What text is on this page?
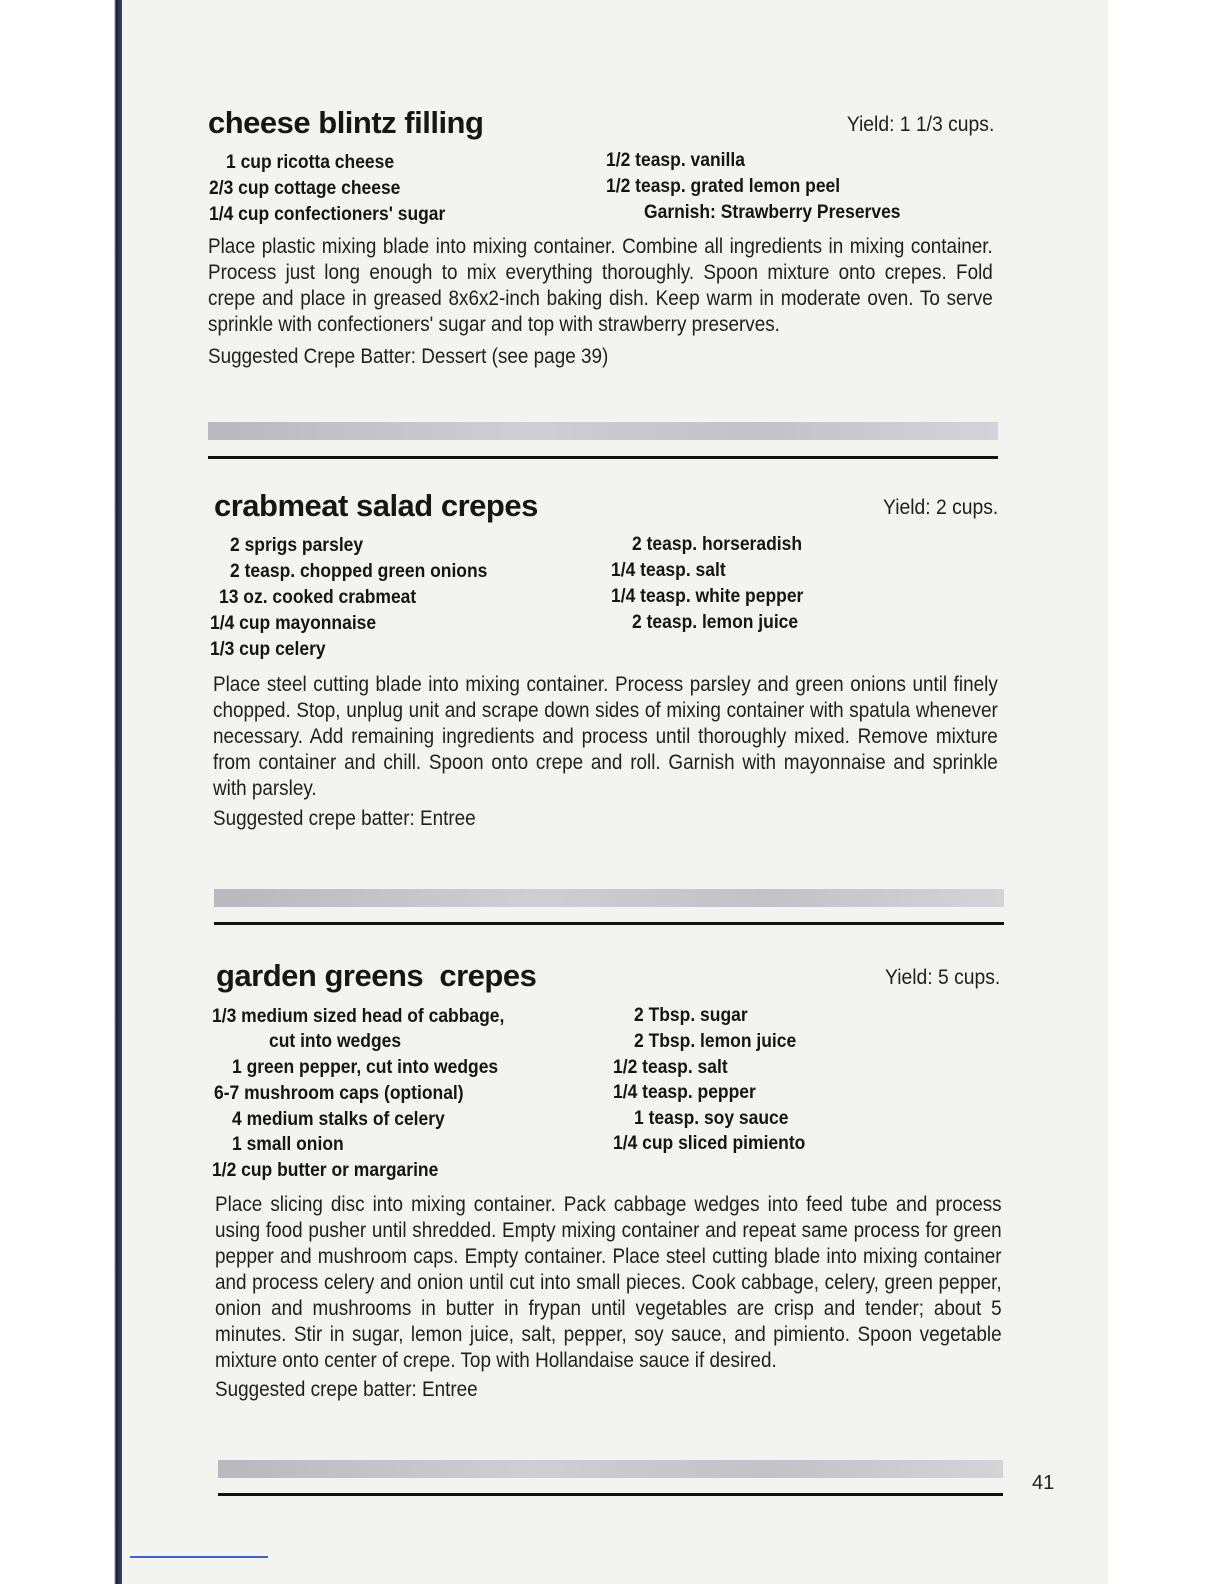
cheese blintz filling	Yield: 1 1/3 cups.
1 cup ricotta cheese
2/3 cup cottage cheese
1/4 cup confectioners' sugar
1/2 teasp. vanilla
1/2 teasp. grated lemon peel
Garnish: Strawberry Preserves
Place plastic mixing blade into mixing container. Combine all ingredients in mixing container. Process just long enough to mix everything thoroughly. Spoon mixture onto crepes. Fold crepe and place in greased 8x6x2-inch baking dish. Keep warm in moderate oven. To serve sprinkle with confectioners' sugar and top with strawberry preserves.
Suggested Crepe Batter: Dessert (see page 39)
crabmeat salad crepes	Yield: 2 cups.
2 sprigs parsley
2 teasp. chopped green onions
13 oz. cooked crabmeat
1/4 cup mayonnaise
1/3 cup celery
2 teasp. horseradish
1/4 teasp. salt
1/4 teasp. white pepper
2 teasp. lemon juice
Place steel cutting blade into mixing container. Process parsley and green onions until finely chopped. Stop, unplug unit and scrape down sides of mixing container with spatula whenever necessary. Add remaining ingredients and process until thoroughly mixed. Remove mixture from container and chill. Spoon onto crepe and roll. Garnish with mayonnaise and sprinkle with parsley.
Suggested crepe batter: Entree
garden greens  crepes	Yield: 5 cups.
1/3 medium sized head of cabbage,
cut into wedges
1 green pepper, cut into wedges
6-7 mushroom caps (optional)
4 medium stalks of celery
1 small onion
1/2 cup butter or margarine
2 Tbsp. sugar
2 Tbsp. lemon juice
1/2 teasp. salt
1/4 teasp. pepper
1 teasp. soy sauce
1/4 cup sliced pimiento
Place slicing disc into mixing container. Pack cabbage wedges into feed tube and process using food pusher until shredded. Empty mixing container and repeat same process for green pepper and mushroom caps. Empty container. Place steel cutting blade into mixing container and process celery and onion until cut into small pieces. Cook cabbage, celery, green pepper, onion and mushrooms in butter in frypan until vegetables are crisp and tender; about 5 minutes. Stir in sugar, lemon juice, salt, pepper, soy sauce, and pimiento. Spoon vegetable mixture onto center of crepe. Top with Hollandaise sauce if desired.
Suggested crepe batter: Entree
41
